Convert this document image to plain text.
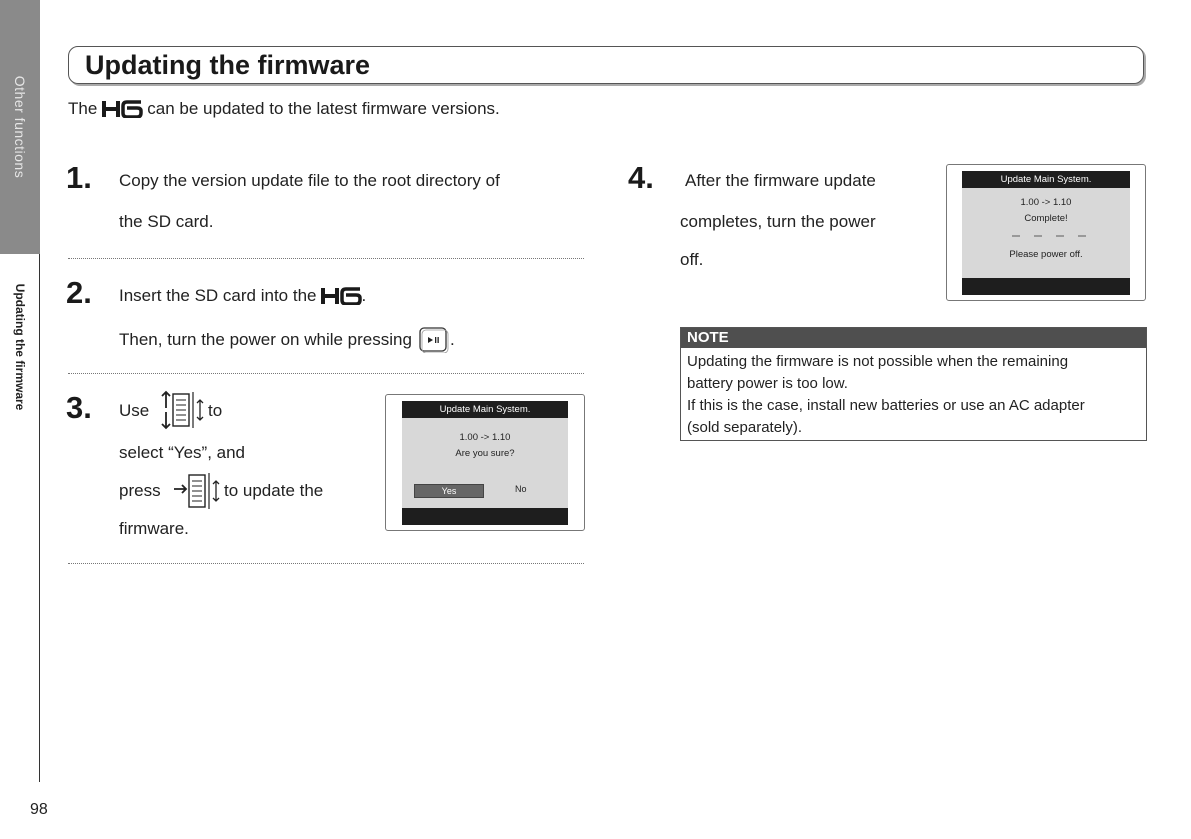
Other functions
Updating the firmware
98
Updating the firmware
The	can be updated to the latest firmware versions.
1. Copy the version update file to the root directory of
the SD card.
2. Insert the SD card into the	.
Then, turn the power on while pressing .
3. Use	to
select “Yes”, and
press	to update the
firmware.
Update Main System.
1.00 -> 1.10
Are you sure?
Yes	No
4. After the firmware update
completes, turn the power
off.
Update Main System.
1.00 -> 1.10
Complete!
Please power off.
NOTE
Updating the firmware is not possible when the remaining
battery power is too low.
If this is the case, install new batteries or use an AC adapter
(sold separately).
